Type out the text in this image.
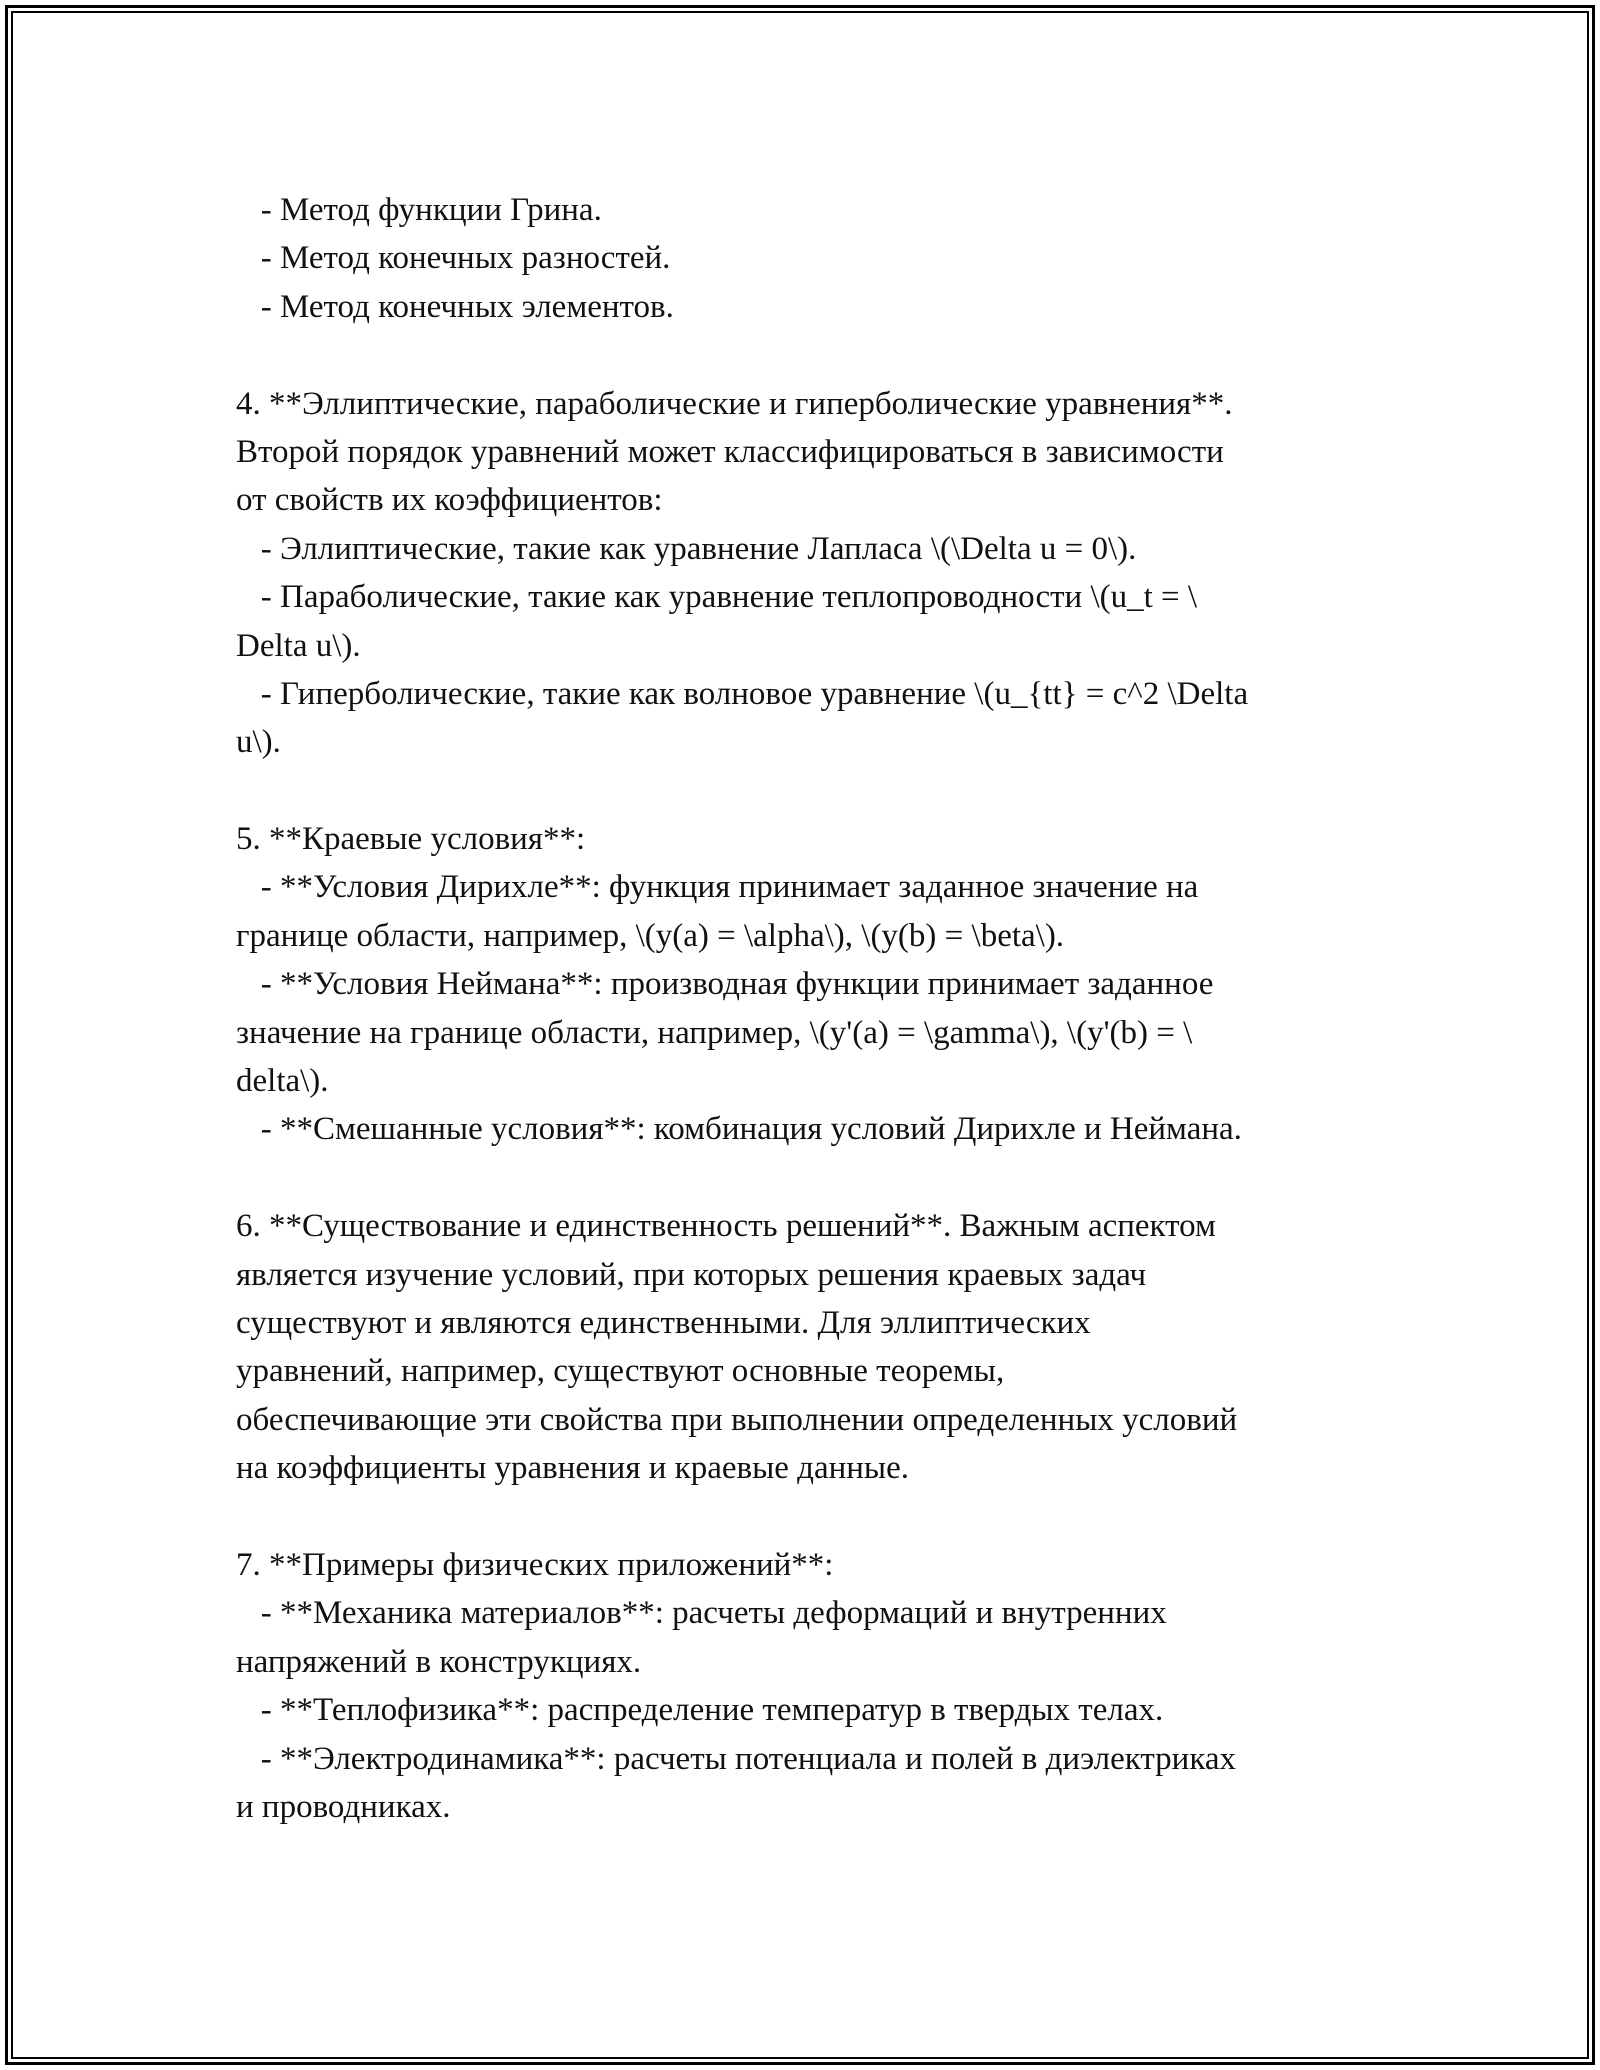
- Метод функции Грина.
- Метод конечных разностей.
- Метод конечных элементов.
4. **Эллиптические, параболические и гиперболические уравнения**.
Второй порядок уравнений может классифицироваться в зависимости
от свойств их коэффициентов:
- Эллиптические, такие как уравнение Лапласа \(\Delta u = 0\).
- Параболические, такие как уравнение теплопроводности \(u_t = \
Delta u\).
- Гиперболические, такие как волновое уравнение \(u_{tt} = c^2 \Delta
u\).
5. **Краевые условия**:
- **Условия Дирихле**: функция принимает заданное значение на
границе области, например, \(y(a) = \alpha\), \(y(b) = \beta\).
- **Условия Неймана**: производная функции принимает заданное
значение на границе области, например, \(y'(a) = \gamma\), \(y'(b) = \
delta\).
- **Смешанные условия**: комбинация условий Дирихле и Неймана.
6. **Существование и единственность решений**. Важным аспектом
является изучение условий, при которых решения краевых задач
существуют и являются единственными. Для эллиптических
уравнений, например, существуют основные теоремы,
обеспечивающие эти свойства при выполнении определенных условий
на коэффициенты уравнения и краевые данные.
7. **Примеры физических приложений**:
- **Механика материалов**: расчеты деформаций и внутренних
напряжений в конструкциях.
- **Теплофизика**: распределение температур в твердых телах.
- **Электродинамика**: расчеты потенциала и полей в диэлектриках
и проводниках.
